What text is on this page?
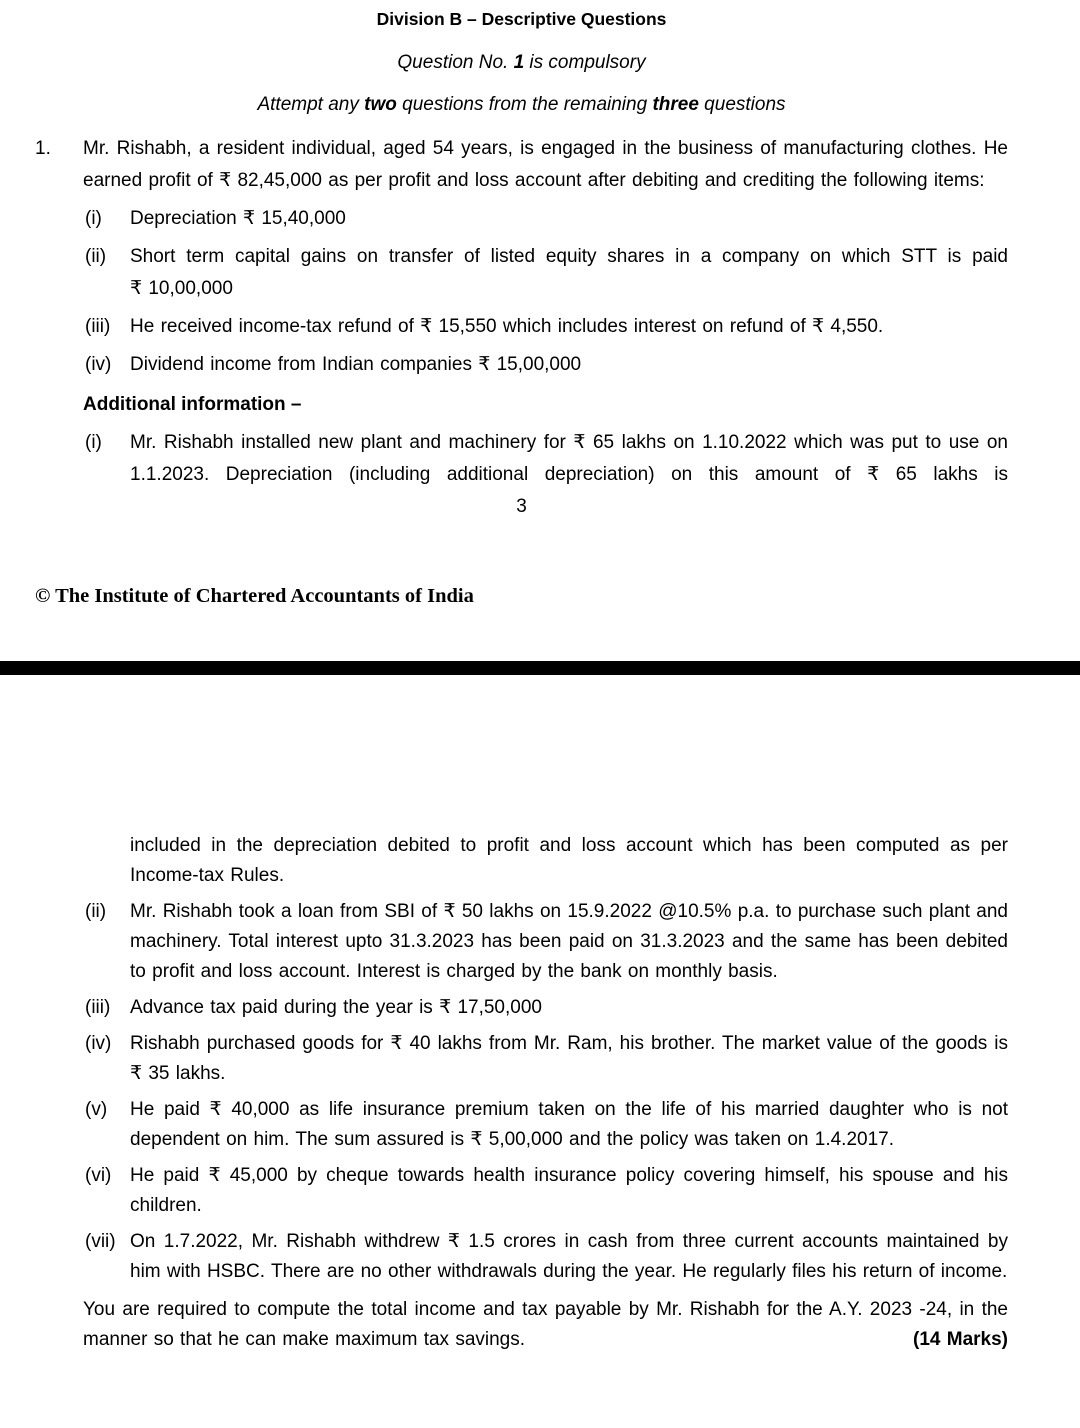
Division B – Descriptive Questions
Question No. 1 is compulsory
Attempt any two questions from the remaining three questions
1. Mr. Rishabh, a resident individual, aged 54 years, is engaged in the business of manufacturing clothes. He earned profit of ₹ 82,45,000 as per profit and loss account after debiting and crediting the following items:
(i) Depreciation ₹ 15,40,000
(ii) Short term capital gains on transfer of listed equity shares in a company on which STT is paid ₹ 10,00,000
(iii) He received income-tax refund of ₹ 15,550 which includes interest on refund of ₹ 4,550.
(iv) Dividend income from Indian companies ₹ 15,00,000
Additional information –
(i) Mr. Rishabh installed new plant and machinery for ₹ 65 lakhs on 1.10.2022 which was put to use on 1.1.2023. Depreciation (including additional depreciation) on this amount of ₹ 65 lakhs is
3
© The Institute of Chartered Accountants of India
included in the depreciation debited to profit and loss account which has been computed as per Income-tax Rules.
(ii) Mr. Rishabh took a loan from SBI of ₹ 50 lakhs on 15.9.2022 @10.5% p.a. to purchase such plant and machinery. Total interest upto 31.3.2023 has been paid on 31.3.2023 and the same has been debited to profit and loss account. Interest is charged by the bank on monthly basis.
(iii) Advance tax paid during the year is ₹ 17,50,000
(iv) Rishabh purchased goods for ₹ 40 lakhs from Mr. Ram, his brother. The market value of the goods is ₹ 35 lakhs.
(v) He paid ₹ 40,000 as life insurance premium taken on the life of his married daughter who is not dependent on him. The sum assured is ₹ 5,00,000 and the policy was taken on 1.4.2017.
(vi) He paid ₹ 45,000 by cheque towards health insurance policy covering himself, his spouse and his children.
(vii) On 1.7.2022, Mr. Rishabh withdrew ₹ 1.5 crores in cash from three current accounts maintained by him with HSBC. There are no other withdrawals during the year. He regularly files his return of income.
You are required to compute the total income and tax payable by Mr. Rishabh for the A.Y. 2023 -24, in the manner so that he can make maximum tax savings.	(14 Marks)
